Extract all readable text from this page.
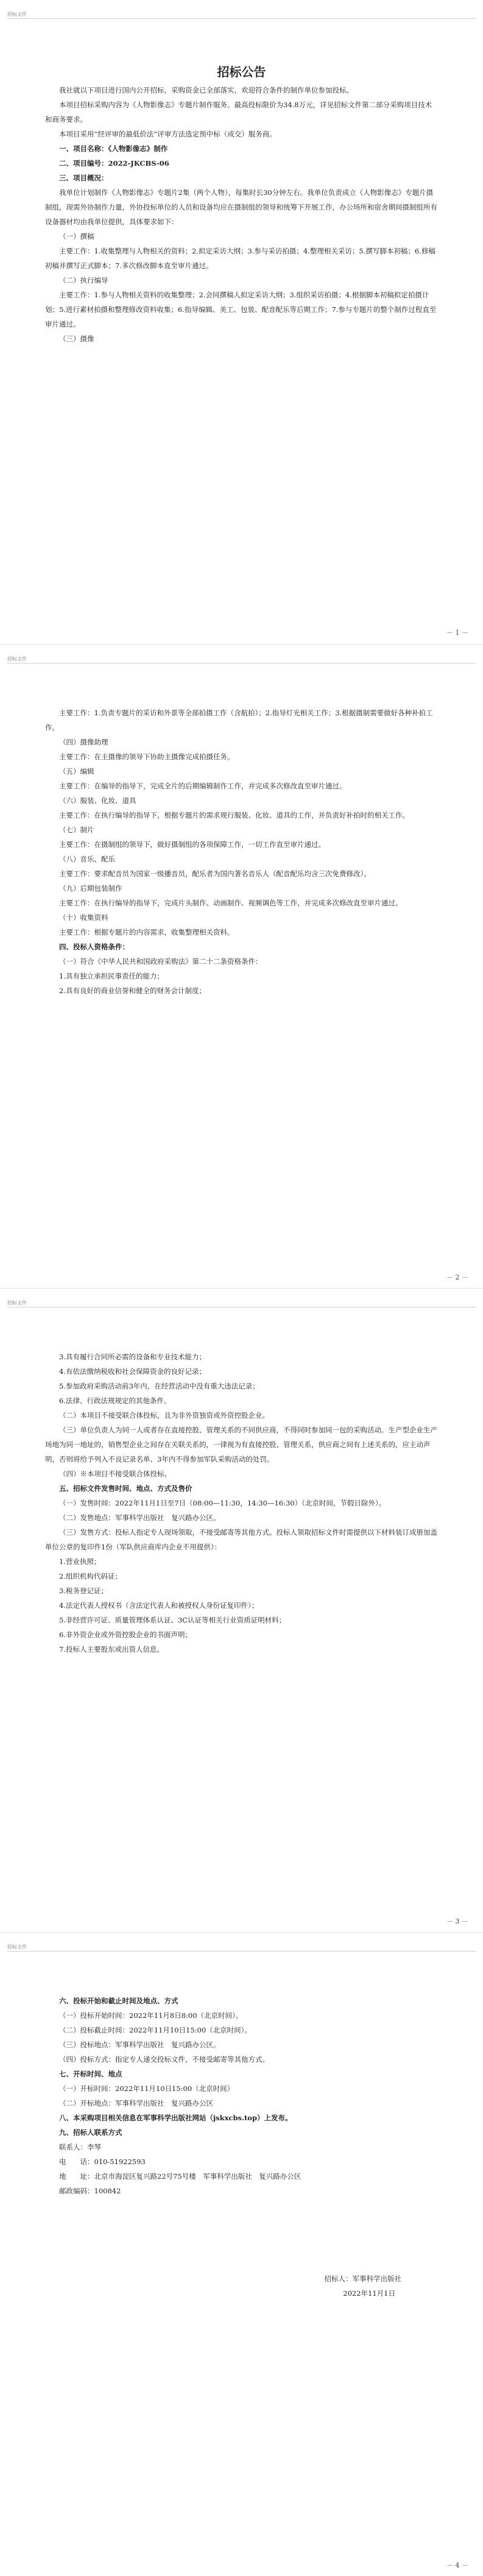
招标文件

招标公告

我社就以下项目进行国内公开招标，采购资金已全部落实，欢迎符合条件的制作单位参加投标。

本项目招标采购内容为《人物影像志》专题片制作服务。最高投标限价为34.8万元，详见招标文件第二部分采购项目技术和商务要求。

本项目采用“经评审的最低价法”评审方法选定预中标（成交）服务商。

一、项目名称：《人物影像志》制作

二、项目编号：2022-JKCBS-06

三、项目概况：

我单位计划制作《人物影像志》专题片2集（两个人物），每集时长30分钟左右。我单位负责成立《人物影像志》专题片摄制组，现需外协制作力量，外协投标单位的人员和设备均应在摄制组的领导和统筹下开展工作，办公场所和宿舍期间摄制组所有设备器材均由我单位提供，具体要求如下：

（一）撰稿

主要工作：1.收集整理与人物相关的资料；2.拟定采访大纲；3.参与采访拍摄；4.整理相关采访；5.撰写脚本初稿；6.修稿初稿并撰写正式脚本；7.多次修改脚本直至审片通过。

（二）执行编导

主要工作：1.参与人物相关资料的收集整理；2.会同撰稿人拟定采访大纲；3.组织采访拍摄；4.根据脚本初稿拟定拍摄计划；5.进行素材拍摄和整理修改资料收集；6.指导编辑、美工、包装、配音配乐等后期工作；7.参与专题片的整个制作过程直至审片通过。

（三）摄像

－ 1 －
招标文件

主要工作：1.负责专题片的采访和外景等全部拍摄工作（含航拍）；2.指导灯光相关工作；3.根据摄制需要做好各种补拍工作。

（四）摄像助理

主要工作：在主摄像的领导下协助主摄像完成拍摄任务。

（五）编辑

主要工作：在编导的指导下，完成全片的后期编辑制作工作，并完成多次修改直至审片通过。

（六）服装、化妆、道具

主要工作：在执行编导的指导下，根据专题片的需求规行服装、化妆、道具的工作，并负责好补拍时的相关工作。

（七）制片

主要工作：在摄制组的领导下，做好摄制组的各项保障工作，一切工作直至审片通过。

（八）音乐、配乐

主要工作：要求配音员为国家一级播音员，配乐者为国内著名音乐人（配音配乐均含三次免费修改）。

（九）后期包装制作

主要工作：在执行编导的指导下，完成片头制作、动画制作、视频调色等工作，并完成多次修改直至审片通过。

（十）收集资料

主要工作：根据专题片的内容需求，收集整理相关资料。

四、投标人资格条件：

（一）符合《中华人民共和国政府采购法》第二十二条资格条件：

1.具有独立承担民事责任的能力；

2.具有良好的商业信誉和健全的财务会计制度；

－ 2 －
招标文件

3.具有履行合同所必需的设备和专业技术能力；

4.有依法缴纳税收和社会保障资金的良好记录；

5.参加政府采购活动前3年内，在经营活动中没有重大违法记录；

6.法律、行政法规规定的其他条件。

（二）本项目不接受联合体投标，且为非外资独资或外资控股企业。

（三）单位负责人为同一人或者存在直接控股、管理关系的不同供应商，不得同时参加同一包的采购活动。生产型企业生产场地为同一地址的，销售型企业之间存在关联关系的，一律视为有直接控股、管理关系，供应商之间有上述关系的，应主动声明，否则将给予列入不良记录名单、3年内不得参加军队采购活动的处罚。

（四）※本项目不接受联合体投标。

五、招标文件发售时间、地点、方式及售价

（一）发售时间：2022年11月1日至7日（08:00—11:30，14:30—16:30）（北京时间，节假日除外）。

（二）发售地点：军事科学出版社　复兴路办公区。

（三）发售方式：投标人指定专人现场领取，不接受邮寄等其他方式。投标人领取招标文件时需提供以下材料装订成册加盖单位公章的复印件1份（军队供应商库内企业不用提供）：

1.营业执照；

2.组织机构代码证；

3.税务登记证；

4.法定代表人授权书（含法定代表人和被授权人身份证复印件）；

5.非经营许可证、质量管理体系认证、3C认证等相关行业资质证明材料；

6.非外资企业或外资控股企业的书面声明；

7.投标人主要股东或出资人信息。

－ 3 －
招标文件

六、投标开始和截止时间及地点、方式

（一）投标开始时间：2022年11月8日8:00（北京时间）。

（二）投标截止时间：2022年11月10日15:00（北京时间）。

（三）投标地点：军事科学出版社　复兴路办公区。

（四）投标方式：指定专人递交投标文件，不接受邮寄等其他方式。

七、开标时间、地点

（一）开标时间：2022年11月10日15:00（北京时间）

（二）开标地点：军事科学出版社　复兴路办公区

八、本采购项目相关信息在军事科学出版社网站（jskxcbs.top）上发布。

九、招标人联系方式

联系人：李琴

电　　话：010-51922593

地　　址：北京市海淀区复兴路22号75号楼　军事科学出版社　复兴路办公区

邮政编码：100842

招标人：军事科学出版社

2022年11月1日

－ 4 －
